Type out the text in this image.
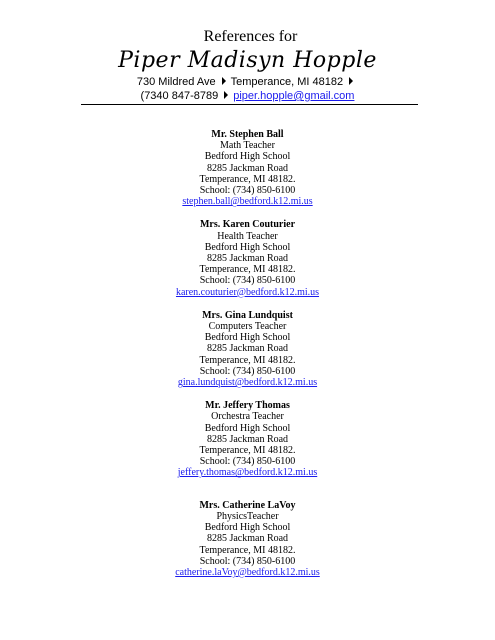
References for
Piper Madisyn Hopple
730 Mildred Ave Temperance, MI 48182
(7340 847-8789 piper.hopple@gmail.com
Mr. Stephen Ball
Math Teacher
Bedford High School
8285 Jackman Road
Temperance, MI 48182.
School: (734) 850-6100
stephen.ball@bedford.k12.mi.us
Mrs. Karen Couturier
Health Teacher
Bedford High School
8285 Jackman Road
Temperance, MI 48182.
School: (734) 850-6100
karen.couturier@bedford.k12.mi.us
Mrs. Gina Lundquist
Computers Teacher
Bedford High School
8285 Jackman Road
Temperance, MI 48182.
School: (734) 850-6100
gina.lundquist@bedford.k12.mi.us
Mr. Jeffery Thomas
Orchestra Teacher
Bedford High School
8285 Jackman Road
Temperance, MI 48182.
School: (734) 850-6100
jeffery.thomas@bedford.k12.mi.us
Mrs. Catherine LaVoy
PhysicsTeacher
Bedford High School
8285 Jackman Road
Temperance, MI 48182.
School: (734) 850-6100
catherine.laVoy@bedford.k12.mi.us
